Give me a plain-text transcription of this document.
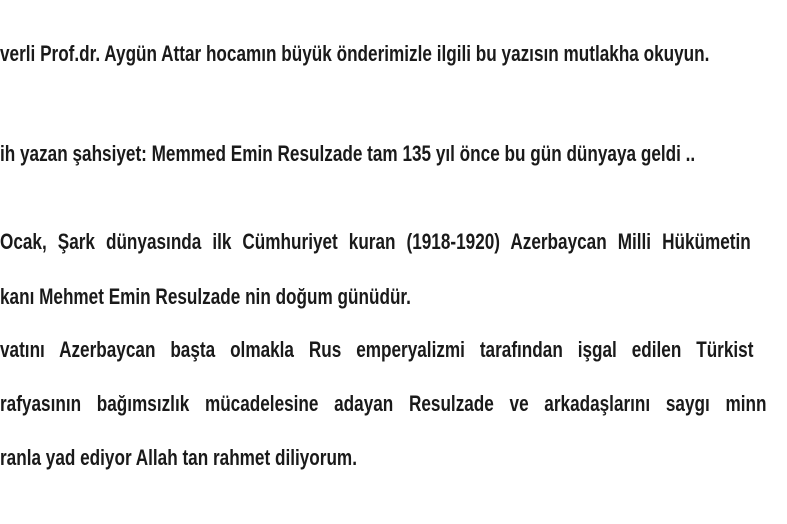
verli Prof.dr. Aygün Attar hocamın büyük önderimizle ilgili bu yazısın mutlakha okuyun.
ih yazan şahsiyet: Memmed Emin Resulzade tam 135 yıl önce bu gün dünyaya geldi ..
Ocak, Şark dünyasında ilk Cümhuriyet kuran (1918-1920) Azerbaycan Milli Hükümetin
kanı Mehmet Emin Resulzade nin doğum günüdür.
vatını Azerbaycan başta olmakla Rus emperyalizmi tarafından işgal edilen Türkist
rafyasının bağımsızlık mücadelesine adayan Resulzade ve arkadaşlarını saygı minn
ranla yad ediyor Allah tan rahmet diliyorum.
